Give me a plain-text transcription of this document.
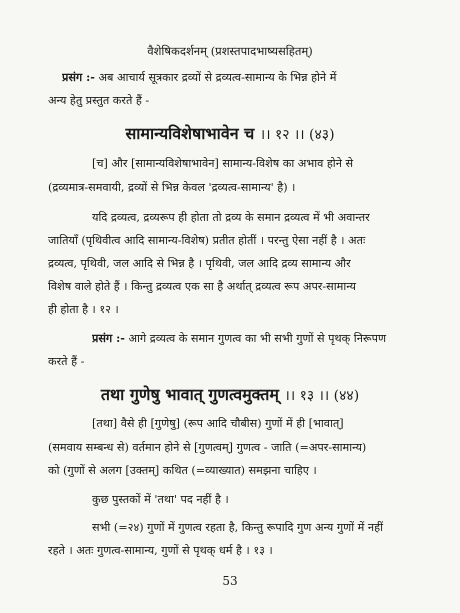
वैशेषिकदर्शनम् (प्रशस्तपादभाष्यसहितम्)
प्रसंग :- अब आचार्य सूत्रकार द्रव्यों से द्रव्यत्व-सामान्य के भिन्न होने में
अन्य हेतु प्रस्तुत करते हैं -
सामान्यविशेषाभावेन च ।। १२ ।। (४३)
[च] और [सामान्यविशेषाभावेन] सामान्य-विशेष का अभाव होने से
(द्रव्यमात्र-समवायी, द्रव्यों से भिन्न केवल 'द्रव्यत्व-सामान्य' है) ।
यदि द्रव्यत्व, द्रव्यरूप ही होता तो द्रव्य के समान द्रव्यत्व में भी अवान्तर
जातियाँ (पृथिवीत्व आदि सामान्य-विशेष) प्रतीत होतीं । परन्तु ऐसा नहीं है । अतः
द्रव्यत्व, पृथिवी, जल आदि से भिन्न है । पृथिवी, जल आदि द्रव्य सामान्य और
विशेष वाले होते हैं । किन्तु द्रव्यत्व एक सा है अर्थात् द्रव्यत्व रूप अपर-सामान्य
ही होता है । १२ ।
प्रसंग :- आगे द्रव्यत्व के समान गुणत्व का भी सभी गुणों से पृथक् निरूपण
करते हैं -
तथा गुणेषु भावात् गुणत्वमुक्तम् ।। १३ ।। (४४)
[तथा] वैसे ही [गुणेषु] (रूप आदि चौबीस) गुणों में ही [भावात्]
(समवाय सम्बन्ध से) वर्तमान होने से [गुणत्वम्] गुणत्व - जाति (=अपर-सामान्य)
को (गुणों से अलग [उक्तम्] कथित (=व्याख्यात) समझना चाहिए ।
कुछ पुस्तकों में 'तथा' पद नहीं है ।
सभी (=२४) गुणों में गुणत्व रहता है, किन्तु रूपादि गुण अन्य गुणों में नहीं
रहते । अतः गुणत्व-सामान्य, गुणों से पृथक् धर्म है । १३ ।
53
